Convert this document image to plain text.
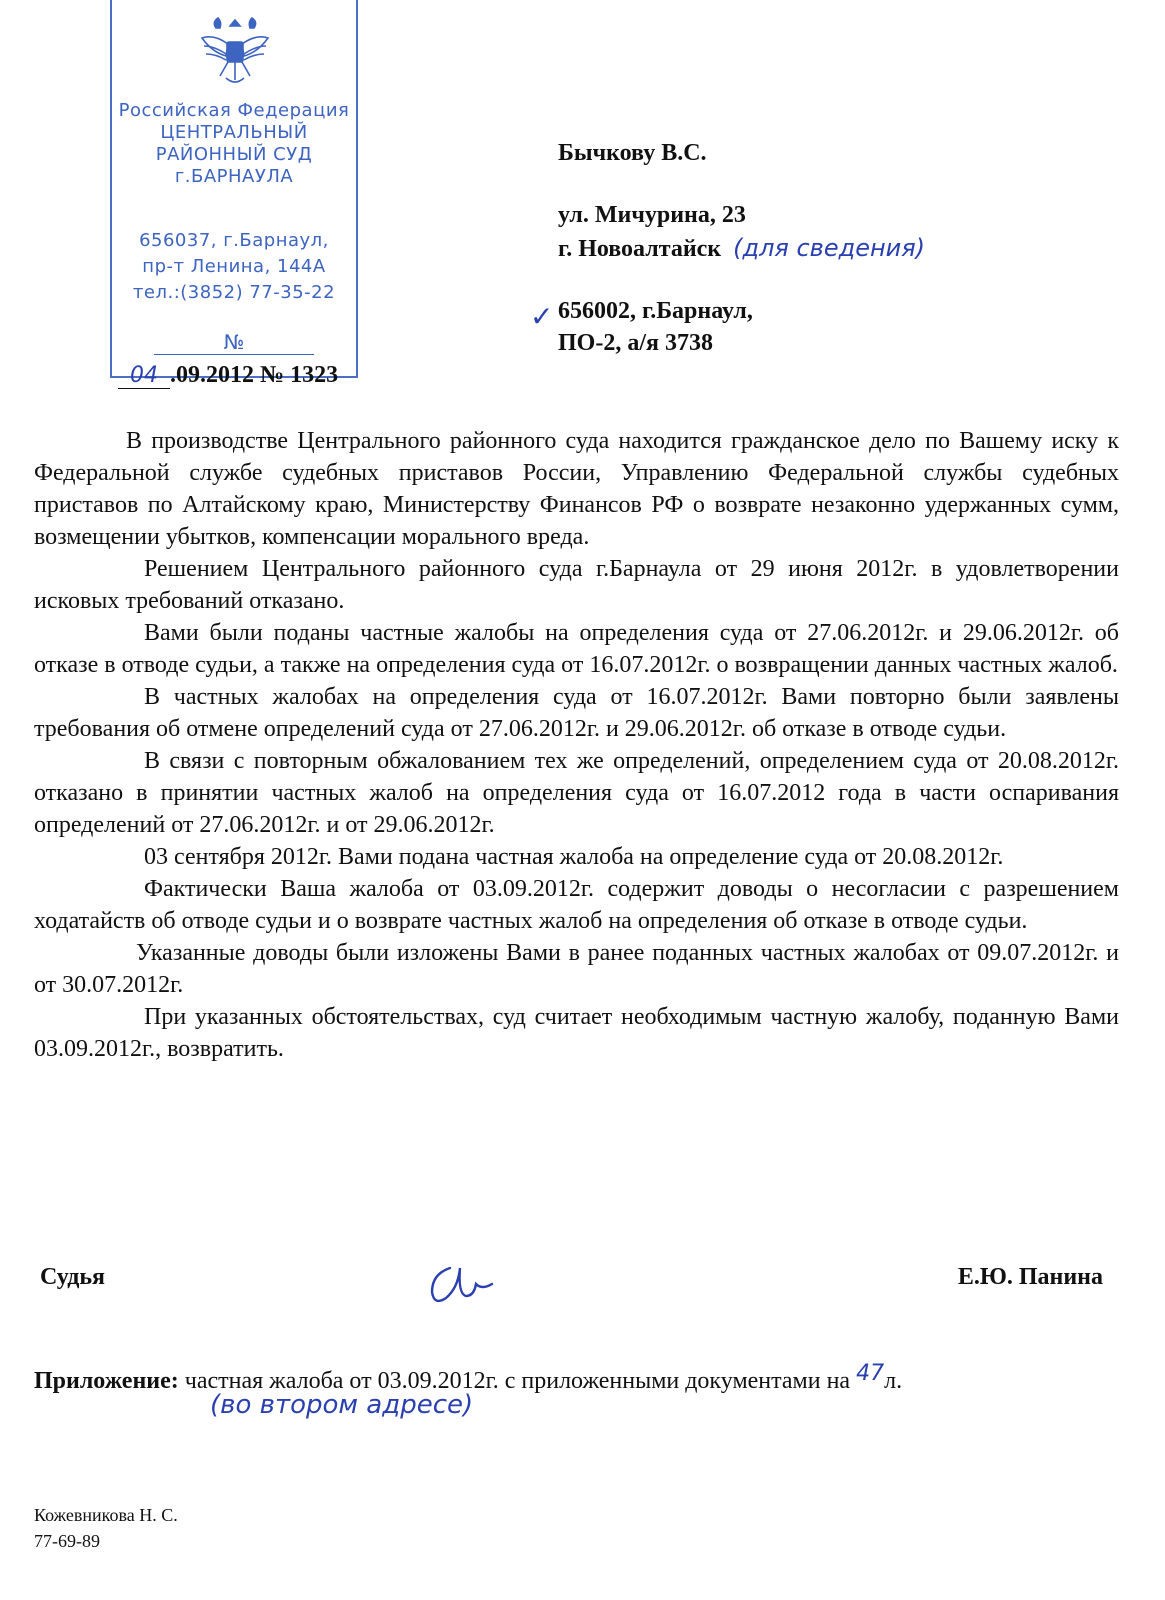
Российская Федерация
ЦЕНТРАЛЬНЫЙ
РАЙОННЫЙ СУД
г.БАРНАУЛА
656037, г.Барнаул,
пр-т Ленина, 144А
тел.:(3852) 77-35-22
№
04 .09.2012 № 1323
Бычкову В.С.
ул. Мичурина, 23
г. Новоалтайск (для сведения)
✓ 656002, г.Барнаул,
ПО-2, а/я 3738

В производстве Центрального районного суда находится гражданское дело по Вашему иску к Федеральной службе судебных приставов России, Управлению Федеральной службы судебных приставов по Алтайскому краю, Министерству Финансов РФ о возврате незаконно удержанных сумм, возмещении убытков, компенсации морального вреда.

Решением Центрального районного суда г.Барнаула от 29 июня 2012г. в удовлетворении исковых требований отказано.

Вами были поданы частные жалобы на определения суда от 27.06.2012г. и 29.06.2012г. об отказе в отводе судьи, а также на определения суда от 16.07.2012г. о возвращении данных частных жалоб.

В частных жалобах на определения суда от 16.07.2012г. Вами повторно были заявлены требования об отмене определений суда от 27.06.2012г. и 29.06.2012г. об отказе в отводе судьи.

В связи с повторным обжалованием тех же определений, определением суда от 20.08.2012г. отказано в принятии частных жалоб на определения суда от 16.07.2012 года в части оспаривания определений от 27.06.2012г. и от 29.06.2012г.

03 сентября 2012г. Вами подана частная жалоба на определение суда от 20.08.2012г.

Фактически Ваша жалоба от 03.09.2012г. содержит доводы о несогласии с разрешением ходатайств об отводе судьи и о возврате частных жалоб на определения об отказе в отводе судьи.

Указанные доводы были изложены Вами в ранее поданных частных жалобах от 09.07.2012г. и от 30.07.2012г.

При указанных обстоятельствах, суд считает необходимым частную жалобу, поданную Вами 03.09.2012г., возвратить.

Судья	Е.Ю. Панина
Приложение: частная жалоба от 03.09.2012г. с приложенными документами на 47л.
(во втором адресе)
Кожевникова Н. С.
77-69-89
